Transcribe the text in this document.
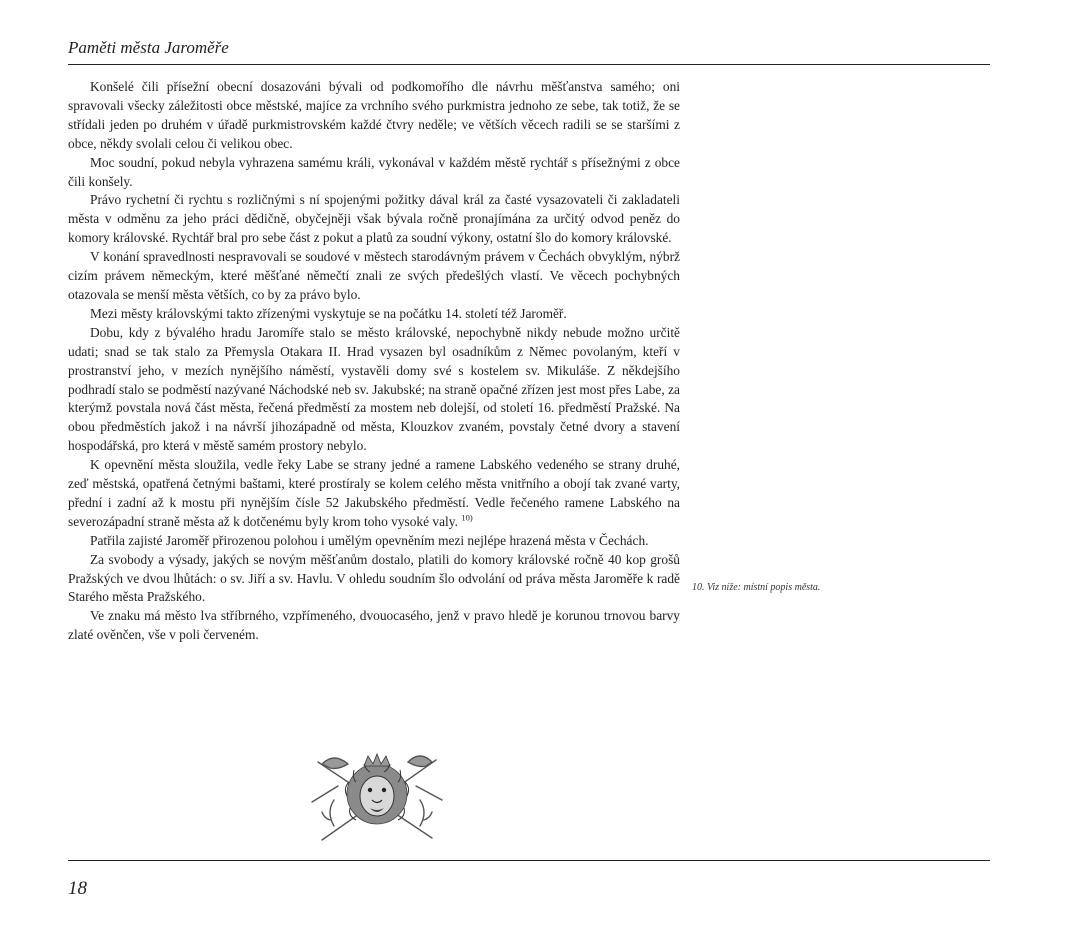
Paměti města Jaroměře

Konšelé čili přísežní obecní dosazováni bývali od podkomořího dle návrhu měšťanstva samého; oni spravovali všecky záležitosti obce městské, majíce za vrchního svého purkmistra jednoho ze sebe, tak totiž, že se střídali jeden po druhém v úřadě purkmistrovském každé čtvry neděle; ve větších věcech radili se se staršími z obce, někdy svolali celou či velikou obec.

Moc soudní, pokud nebyla vyhrazena samému králi, vykonával v každém městě rychtář s přísežnými z obce čili konšely.

Právo rychetní či rychtu s rozličnými s ní spojenými požitky dával král za časté vysazovateli či zakladateli města v odměnu za jeho práci dědičně, obyčejněji však bývala ročně pronajímána za určitý odvod peněz do komory královské. Rychtář bral pro sebe část z pokut a platů za soudní výkony, ostatní šlo do komory královské.

V konání spravedlnosti nespravovali se soudové v městech starodávným právem v Čechách obvyklým, nýbrž cizím právem německým, které měšťané němečtí znali ze svých předešlých vlastí. Ve věcech pochybných otazovala se menší města větších, co by za právo bylo.

Mezi městy královskými takto zřízenými vyskytuje se na počátku 14. století též Jaroměř.

Dobu, kdy z bývalého hradu Jaromíře stalo se město královské, nepochybně nikdy nebude možno určitě udati; snad se tak stalo za Přemysla Otakara II. Hrad vysazen byl osadníkům z Němec povolaným, kteří v prostranství jeho, v mezích nynějšího náměstí, vystavěli domy své s kostelem sv. Mikuláše. Z někdejšího podhradí stalo se podměstí nazývané Náchodské neb sv. Jakubské; na straně opačné zřízen jest most přes Labe, za kterýmž povstala nová část města, řečená předměstí za mostem neb dolejší, od století 16. předměstí Pražské. Na obou předměstích jakož i na návrší jihozápadně od města, Klouzkov zvaném, povstaly četné dvory a stavení hospodářská, pro která v městě samém prostory nebylo.

K opevnění města sloužila, vedle řeky Labe se strany jedné a ramene Labského vedeného se strany druhé, zeď městská, opatřená četnými baštami, které prostíraly se kolem celého města vnitřního a obojí tak zvané varty, přední i zadní až k mostu při nynějším čísle 52 Jakubského předměstí. Vedle řečeného ramene Labského na severozápadní straně města až k dotčenému byly krom toho vysoké valy. $^{10)}$

Patřila zajisté Jaroměř přirozenou polohou i umělým opevněním mezi nejlépe hrazená města v Čechách.

Za svobody a výsady, jakých se novým měšťanům dostalo, platili do komory královské ročně 40 kop grošů Pražských ve dvou lhůtách: o sv. Jiří a sv. Havlu. V ohledu soudním šlo odvolání od práva města Jaroměře k radě Starého města Pražského.

Ve znaku má město lva stříbrného, vzpřímeného, dvouocasého, jenž v pravo hledě je korunou trnovou barvy zlaté ověnčen, vše v poli červeném.

10. Viz níže: místní popis města.
18
